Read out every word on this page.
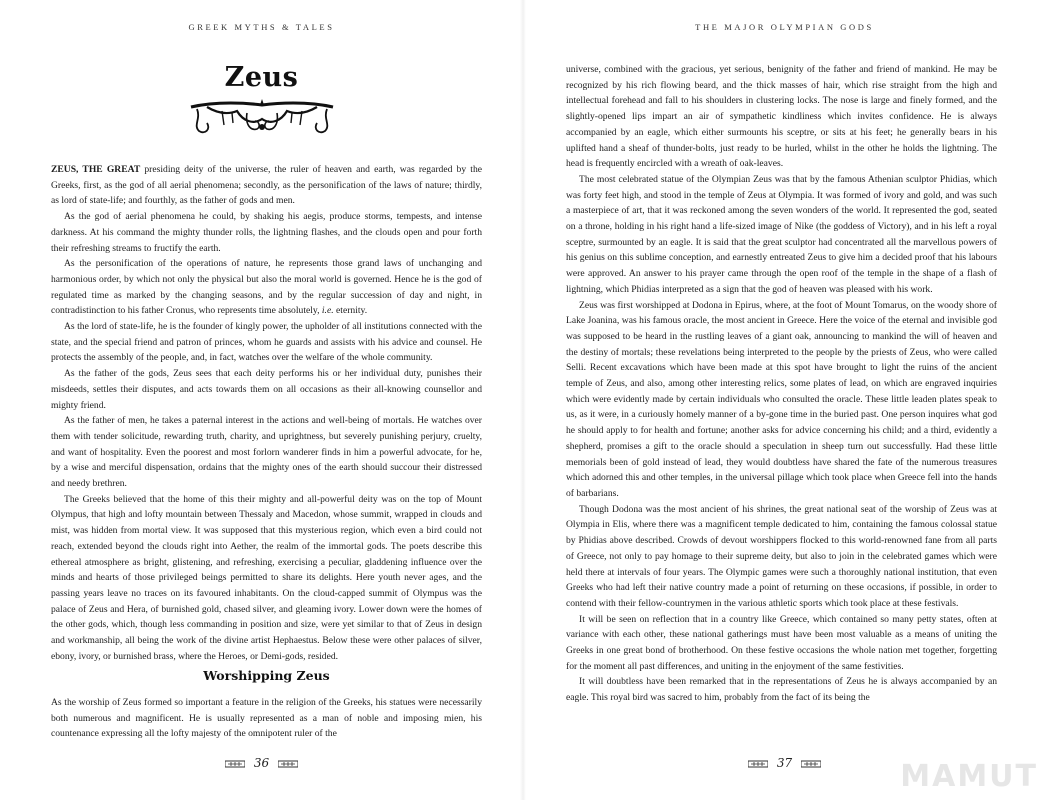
GREEK MYTHS & TALES
Zeus

ZEUS, THE GREAT presiding deity of the universe, the ruler of heaven and earth, was regarded by the Greeks, first, as the god of all aerial phenomena; secondly, as the personification of the laws of nature; thirdly, as lord of state-life; and fourthly, as the father of gods and men.

As the god of aerial phenomena he could, by shaking his aegis, produce storms, tempests, and intense darkness. At his command the mighty thunder rolls, the lightning flashes, and the clouds open and pour forth their refreshing streams to fructify the earth.

As the personification of the operations of nature, he represents those grand laws of unchanging and harmonious order, by which not only the physical but also the moral world is governed. Hence he is the god of regulated time as marked by the changing seasons, and by the regular succession of day and night, in contradistinction to his father Cronus, who represents time absolutely, i.e. eternity.

As the lord of state-life, he is the founder of kingly power, the upholder of all institutions connected with the state, and the special friend and patron of princes, whom he guards and assists with his advice and counsel. He protects the assembly of the people, and, in fact, watches over the welfare of the whole community.

As the father of the gods, Zeus sees that each deity performs his or her individual duty, punishes their misdeeds, settles their disputes, and acts towards them on all occasions as their all-knowing counsellor and mighty friend.

As the father of men, he takes a paternal interest in the actions and well-being of mortals. He watches over them with tender solicitude, rewarding truth, charity, and uprightness, but severely punishing perjury, cruelty, and want of hospitality. Even the poorest and most forlorn wanderer finds in him a powerful advocate, for he, by a wise and merciful dispensation, ordains that the mighty ones of the earth should succour their distressed and needy brethren.

The Greeks believed that the home of this their mighty and all-powerful deity was on the top of Mount Olympus, that high and lofty mountain between Thessaly and Macedon, whose summit, wrapped in clouds and mist, was hidden from mortal view. It was supposed that this mysterious region, which even a bird could not reach, extended beyond the clouds right into Aether, the realm of the immortal gods. The poets describe this ethereal atmosphere as bright, glistening, and refreshing, exercising a peculiar, gladdening influence over the minds and hearts of those privileged beings permitted to share its delights. Here youth never ages, and the passing years leave no traces on its favoured inhabitants. On the cloud-capped summit of Olympus was the palace of Zeus and Hera, of burnished gold, chased silver, and gleaming ivory. Lower down were the homes of the other gods, which, though less commanding in position and size, were yet similar to that of Zeus in design and workmanship, all being the work of the divine artist Hephaestus. Below these were other palaces of silver, ebony, ivory, or burnished brass, where the Heroes, or Demi-gods, resided.

Worshipping Zeus

As the worship of Zeus formed so important a feature in the religion of the Greeks, his statues were necessarily both numerous and magnificent. He is usually represented as a man of noble and imposing mien, his countenance expressing all the lofty majesty of the omnipotent ruler of the

36
THE MAJOR OLYMPIAN GODS

universe, combined with the gracious, yet serious, benignity of the father and friend of mankind. He may be recognized by his rich flowing beard, and the thick masses of hair, which rise straight from the high and intellectual forehead and fall to his shoulders in clustering locks. The nose is large and finely formed, and the slightly-opened lips impart an air of sympathetic kindliness which invites confidence. He is always accompanied by an eagle, which either surmounts his sceptre, or sits at his feet; he generally bears in his uplifted hand a sheaf of thunder-bolts, just ready to be hurled, whilst in the other he holds the lightning. The head is frequently encircled with a wreath of oak-leaves.

The most celebrated statue of the Olympian Zeus was that by the famous Athenian sculptor Phidias, which was forty feet high, and stood in the temple of Zeus at Olympia. It was formed of ivory and gold, and was such a masterpiece of art, that it was reckoned among the seven wonders of the world. It represented the god, seated on a throne, holding in his right hand a life-sized image of Nike (the goddess of Victory), and in his left a royal sceptre, surmounted by an eagle. It is said that the great sculptor had concentrated all the marvellous powers of his genius on this sublime conception, and earnestly entreated Zeus to give him a decided proof that his labours were approved. An answer to his prayer came through the open roof of the temple in the shape of a flash of lightning, which Phidias interpreted as a sign that the god of heaven was pleased with his work.

Zeus was first worshipped at Dodona in Epirus, where, at the foot of Mount Tomarus, on the woody shore of Lake Joanina, was his famous oracle, the most ancient in Greece. Here the voice of the eternal and invisible god was supposed to be heard in the rustling leaves of a giant oak, announcing to mankind the will of heaven and the destiny of mortals; these revelations being interpreted to the people by the priests of Zeus, who were called Selli. Recent excavations which have been made at this spot have brought to light the ruins of the ancient temple of Zeus, and also, among other interesting relics, some plates of lead, on which are engraved inquiries which were evidently made by certain individuals who consulted the oracle. These little leaden plates speak to us, as it were, in a curiously homely manner of a by-gone time in the buried past. One person inquires what god he should apply to for health and fortune; another asks for advice concerning his child; and a third, evidently a shepherd, promises a gift to the oracle should a speculation in sheep turn out successfully. Had these little memorials been of gold instead of lead, they would doubtless have shared the fate of the numerous treasures which adorned this and other temples, in the universal pillage which took place when Greece fell into the hands of barbarians.

Though Dodona was the most ancient of his shrines, the great national seat of the worship of Zeus was at Olympia in Elis, where there was a magnificent temple dedicated to him, containing the famous colossal statue by Phidias above described. Crowds of devout worshippers flocked to this world-renowned fane from all parts of Greece, not only to pay homage to their supreme deity, but also to join in the celebrated games which were held there at intervals of four years. The Olympic games were such a thoroughly national institution, that even Greeks who had left their native country made a point of returning on these occasions, if possible, in order to contend with their fellow-countrymen in the various athletic sports which took place at these festivals.

It will be seen on reflection that in a country like Greece, which contained so many petty states, often at variance with each other, these national gatherings must have been most valuable as a means of uniting the Greeks in one great bond of brotherhood. On these festive occasions the whole nation met together, forgetting for the moment all past differences, and uniting in the enjoyment of the same festivities.

It will doubtless have been remarked that in the representations of Zeus he is always accompanied by an eagle. This royal bird was sacred to him, probably from the fact of its being the

37	MAMUT
